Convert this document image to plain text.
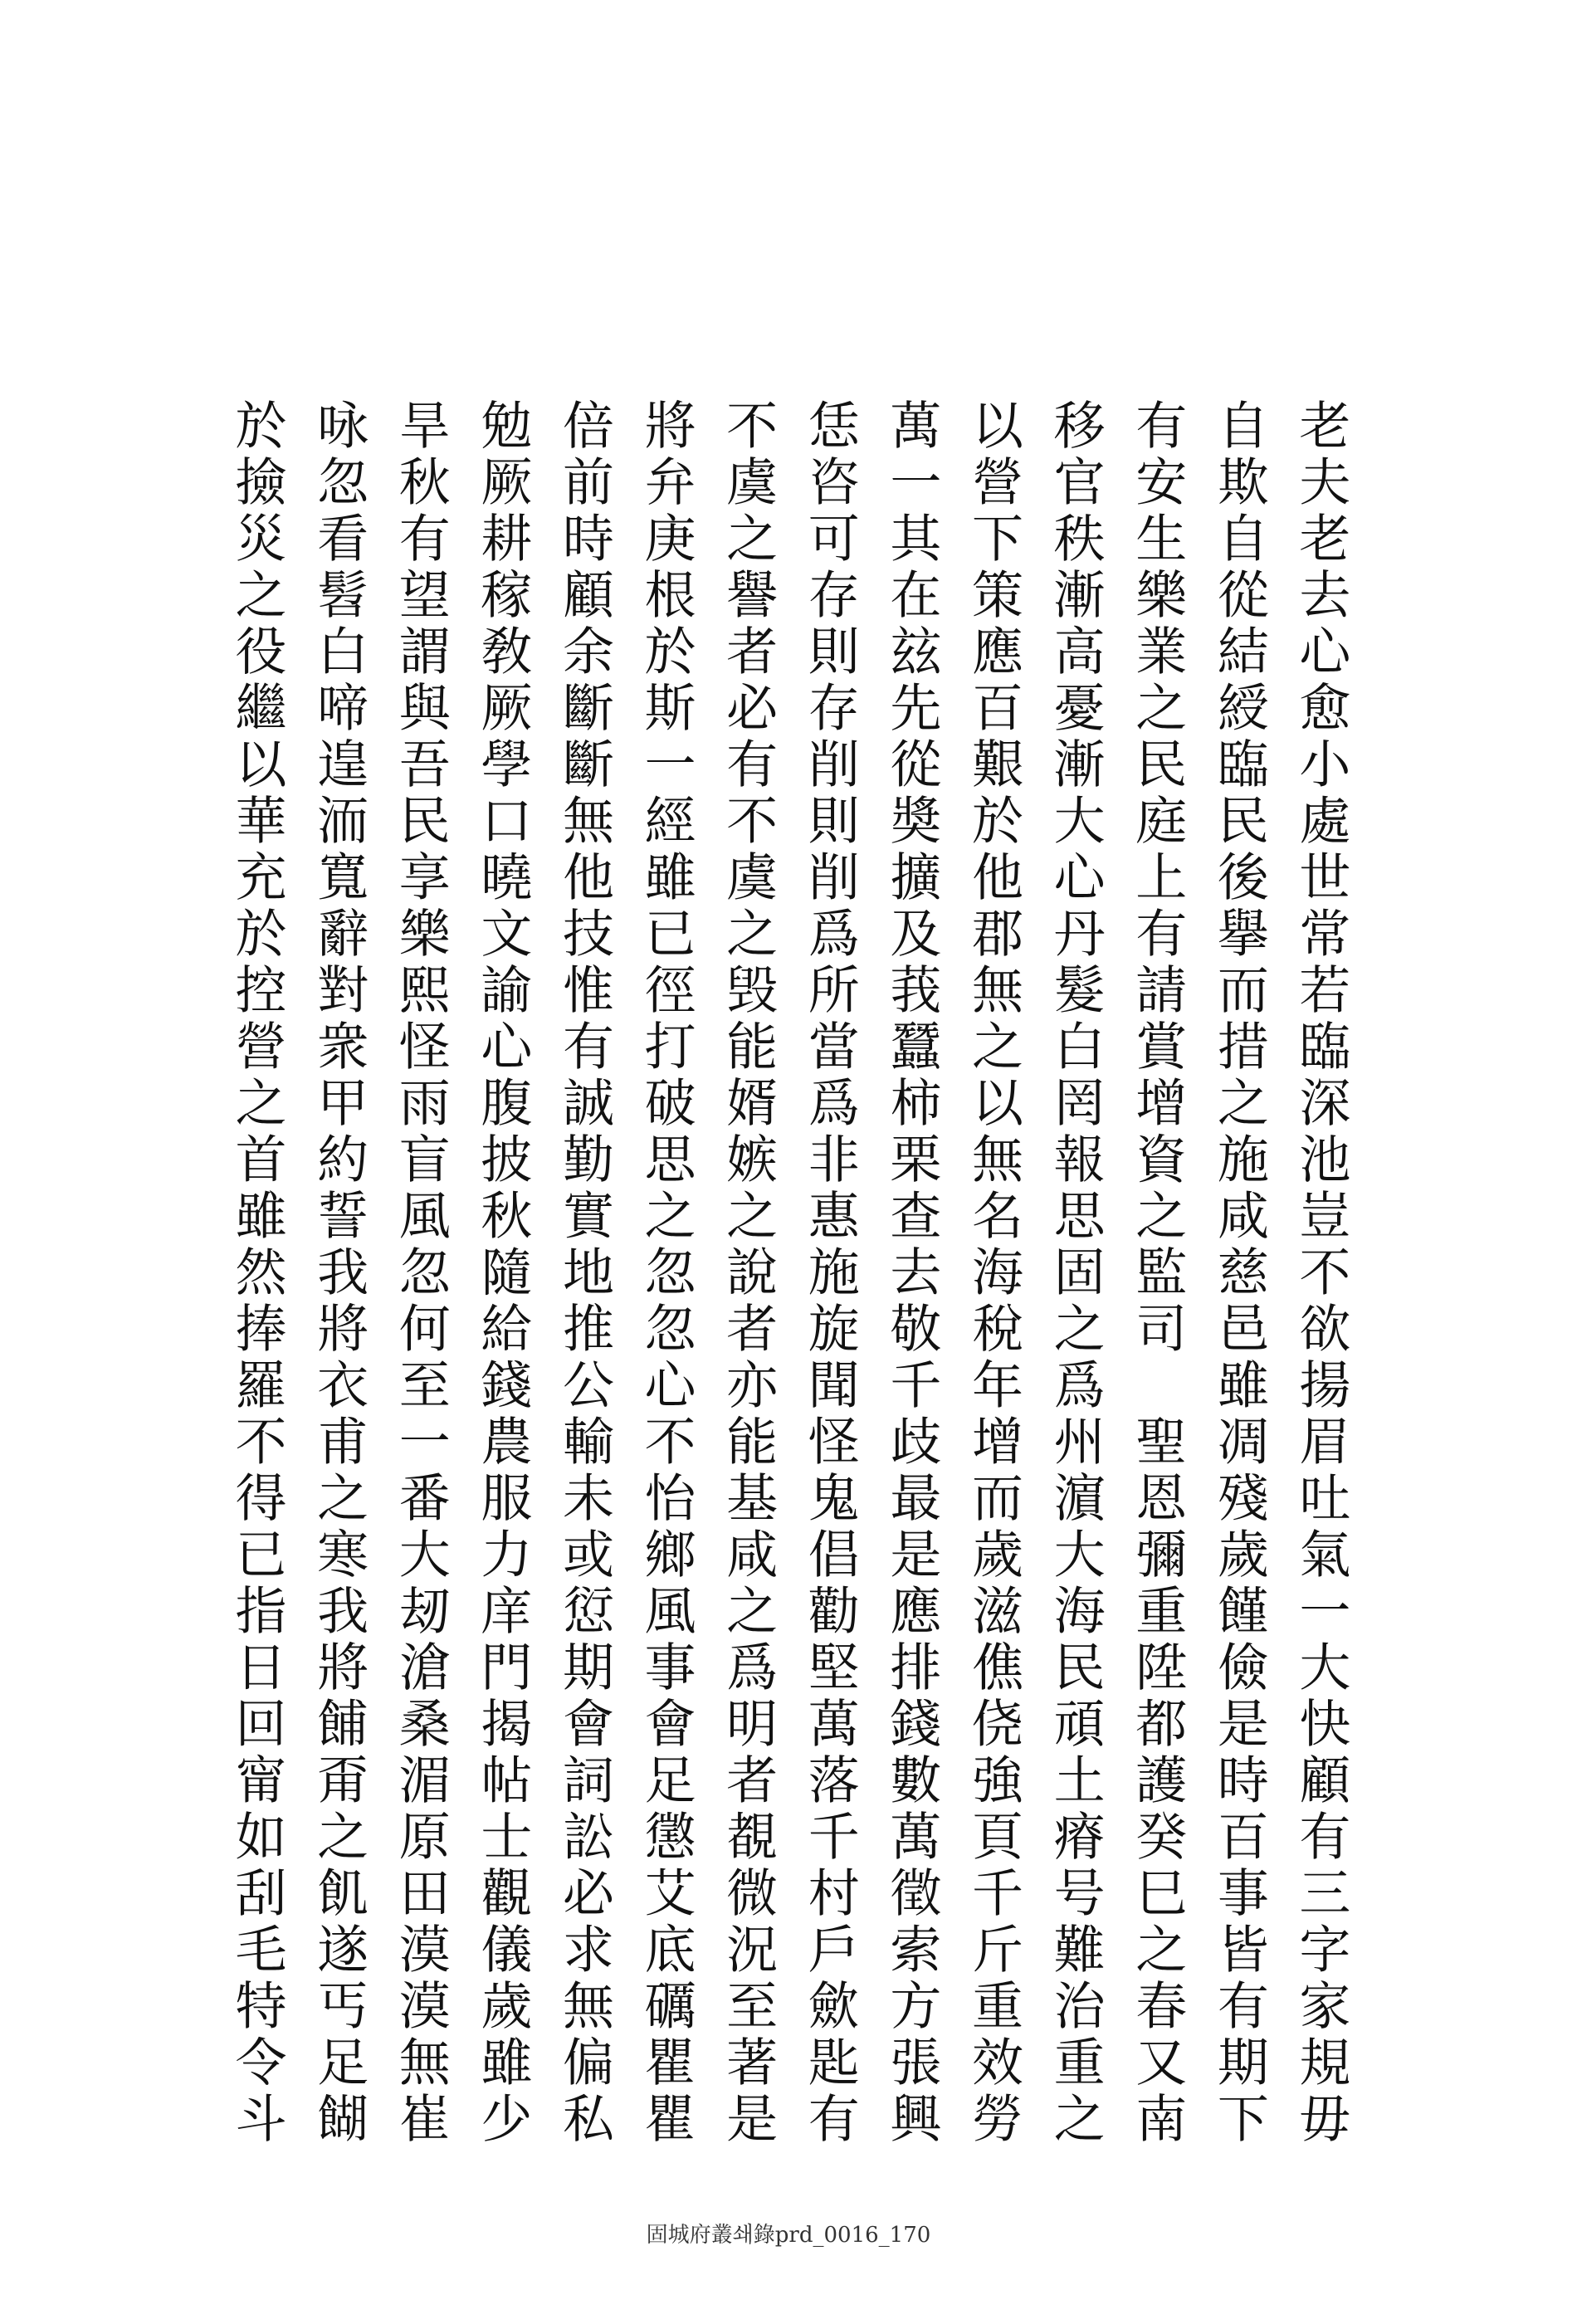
老夫老去心愈小處世常若臨深池豈不欲揚眉吐氣一大快顧有三字家規毋
自欺自從結綬臨民後擧而措之施咸慈邑雖凋殘歲饉儉是時百事皆有期下
有安生樂業之民庭上有請賞增資之監司　聖恩彌重陞都護癸巳之春又南
移官秩漸高憂漸大心丹髮白罔報思固之爲州濵大海民頑土瘠号難治重之
以營下策應百艱於他郡無之以無名海稅年增而歲滋僬侥強頁千斤重效勞
萬一其在玆先從奬擴及莪蠶柿栗查去敬千歧最是應排錢數萬徵索方張興
恁咨可存則存削則削爲所當爲非惠施旋聞怪鬼倡勸堅萬落千村戶歛匙有
不虞之譽者必有不虞之毁能婿嫉之說者亦能基咸之爲明者覩微況至著是
將弁庚根於斯一經雖已徑打破思之忽忽心不怡鄉風事會足懲艾底礪瞿瞿
倍前時顧余斷斷無他技惟有誠勤實地推公輸未或愆期會詞訟必求無偏私
勉厥耕稼敎厥學口曉文諭心腹披秋隨給錢農服力庠門揭帖士觀儀歲雖少
旱秋有望謂與吾民享樂熙怪雨盲風忽何至一番大刼滄桑湄原田漠漠無崔
咏忽看髫白啼遑洏寬辭對衆甲約誓我將衣甫之寒我將餔甭之飢遂丐足餬
於撿災之役繼以華充於控營之首雖然捧羅不得已指日回甯如刮毛特令斗
固城府叢쇄錄prd_0016_170
